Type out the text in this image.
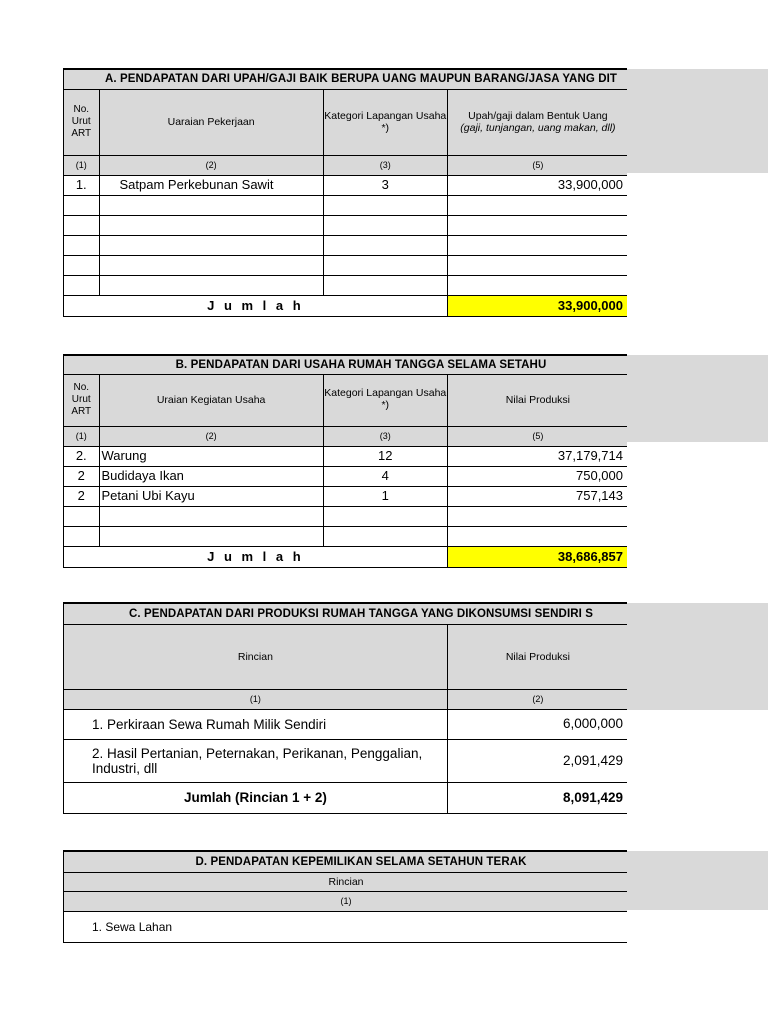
A. PENDAPATAN DARI UPAH/GAJI BAIK BERUPA UANG MAUPUN BARANG/JASA YANG DIT			
No. Urut ART	Uaraian Pekerjaan	Kategori Lapangan Usaha *)	Upah/gaji dalam Bentuk Uang
(gaji, tunjangan, uang makan, dll)

(1)	(2)	(3)	(5)
1.	Satpam Perkebunan Sawit	3	33,900,000

J u m l a h			33,900,000
B. PENDAPATAN DARI USAHA RUMAH TANGGA SELAMA SETAHU			
No. Urut ART	Uraian Kegiatan Usaha	Kategori Lapangan Usaha *)	Nilai Produksi
(1)	(2)	(3)	(5)
2.	Warung	12	37,179,714
2	Budidaya Ikan	4	750,000
2	Petani Ubi Kayu	1	757,143

J u m l a h			38,686,857
C. PENDAPATAN DARI PRODUKSI RUMAH TANGGA YANG DIKONSUMSI SENDIRI S	
Rincian	Nilai Produksi
(1)	(2)
1. Perkiraan Sewa Rumah Milik Sendiri	6,000,000
2. Hasil Pertanian, Peternakan, Perikanan, Penggalian, Industri, dll	2,091,429
Jumlah (Rincian 1 + 2)	8,091,429
D. PENDAPATAN KEPEMILIKAN SELAMA SETAHUN TERAK
Rincian
(1)
1. Sewa Lahan
